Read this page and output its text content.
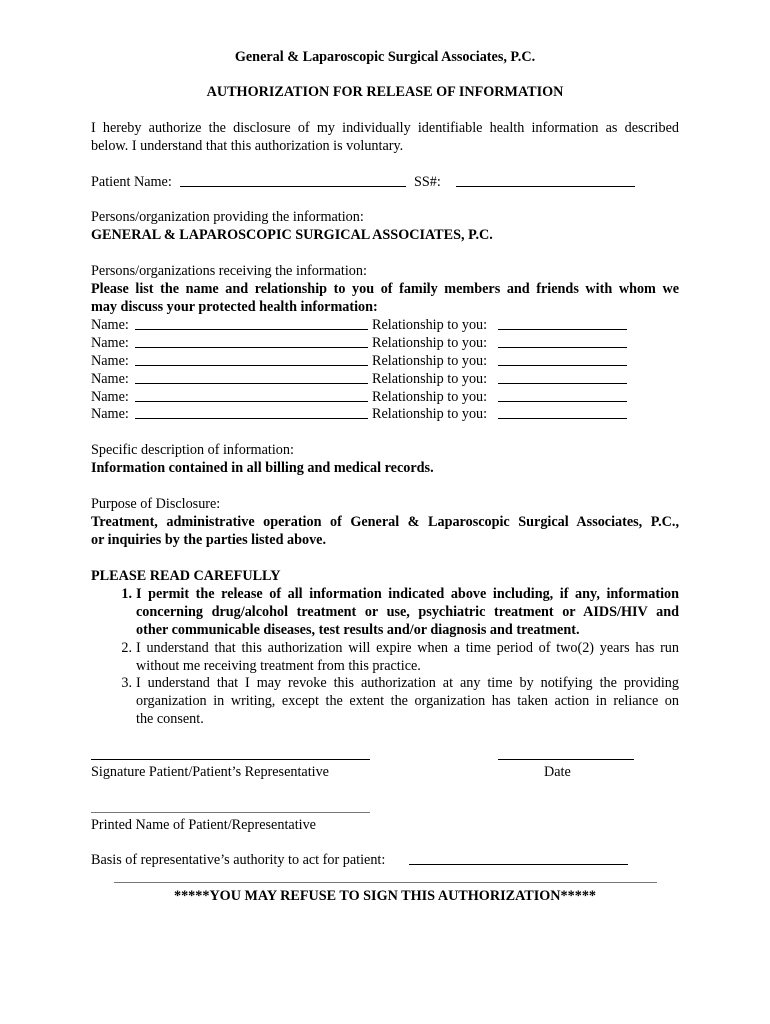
General & Laparoscopic Surgical Associates, P.C.
AUTHORIZATION FOR RELEASE OF INFORMATION
I hereby authorize the disclosure of my individually identifiable health information as described
below. I understand that this authorization is voluntary.
Patient Name:	SS#:
Persons/organization providing the information:
GENERAL & LAPAROSCOPIC SURGICAL ASSOCIATES, P.C.
Persons/organizations receiving the information:
Please list the name and relationship to you of family members and friends with whom we
may discuss your protected health information:
Name:	Relationship to you:
Name:	Relationship to you:
Name:	Relationship to you:
Name:	Relationship to you:
Name:	Relationship to you:
Name:	Relationship to you:
Specific description of information:
Information contained in all billing and medical records.
Purpose of Disclosure:
Treatment, administrative operation of General & Laparoscopic Surgical Associates, P.C.,
or inquiries by the parties listed above.
PLEASE READ CAREFULLY
1. I permit the release of all information indicated above including, if any, information
concerning drug/alcohol treatment or use, psychiatric treatment or AIDS/HIV and
other communicable diseases, test results and/or diagnosis and treatment.
2. I understand that this authorization will expire when a time period of two(2) years has run
without me receiving treatment from this practice.
3. I understand that I may revoke this authorization at any time by notifying the providing
organization in writing, except the extent the organization has taken action in reliance on
the consent.
Signature Patient/Patient’s Representative	Date
Printed Name of Patient/Representative
Basis of representative’s authority to act for patient:
*****YOU MAY REFUSE TO SIGN THIS AUTHORIZATION*****
